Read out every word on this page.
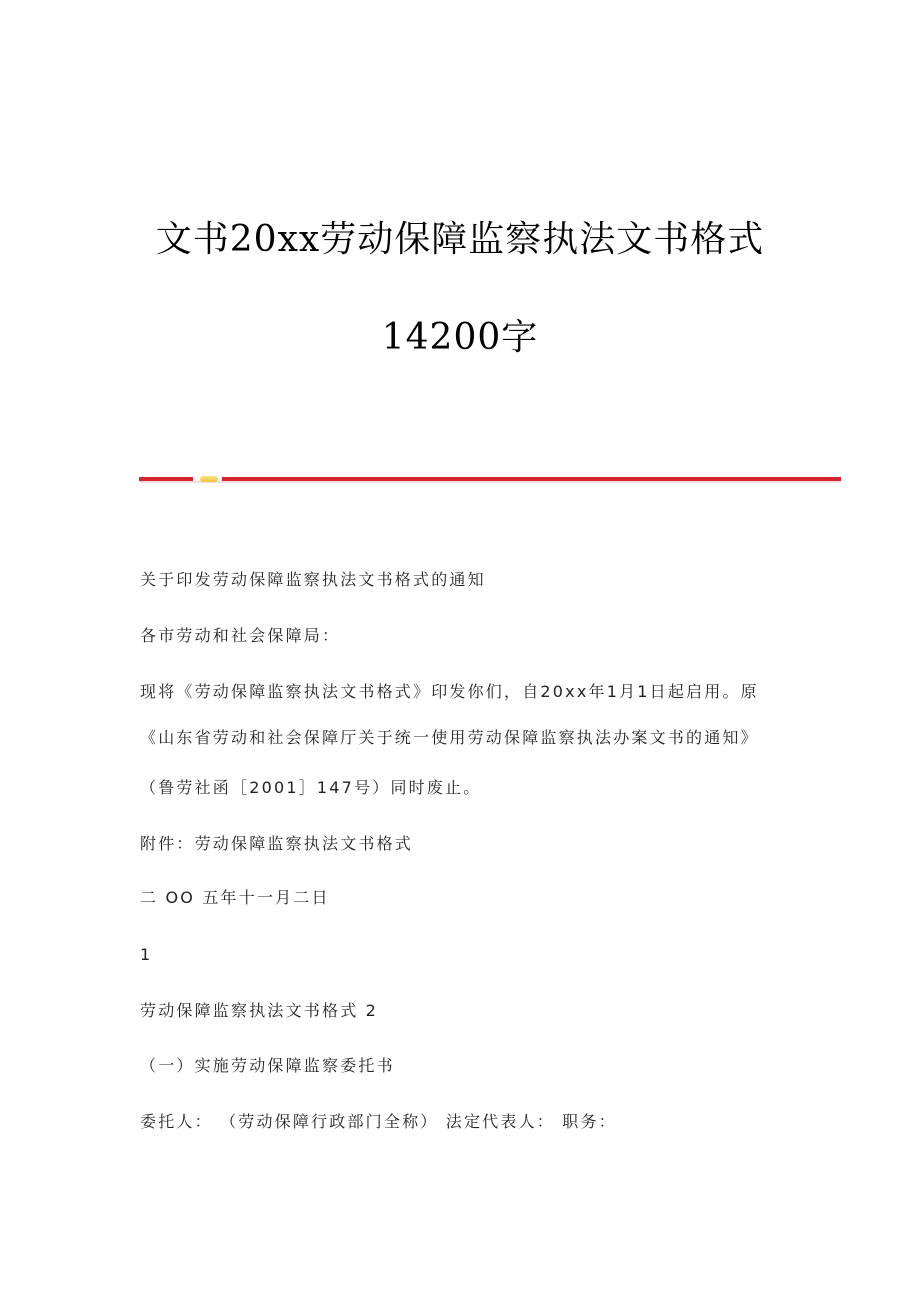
文书20xx劳动保障监察执法文书格式
14200字
关于印发劳动保障监察执法文书格式的通知
各市劳动和社会保障局：
现将《劳动保障监察执法文书格式》印发你们，自20xx年1月1日起启用。原
《山东省劳动和社会保障厅关于统一使用劳动保障监察执法办案文书的通知》
（鲁劳社函［2001］147号）同时废止。
附件：劳动保障监察执法文书格式
二 ОО 五年十一月二日
1
劳动保障监察执法文书格式 2
（一）实施劳动保障监察委托书
委托人： （劳动保障行政部门全称） 法定代表人： 职务：
